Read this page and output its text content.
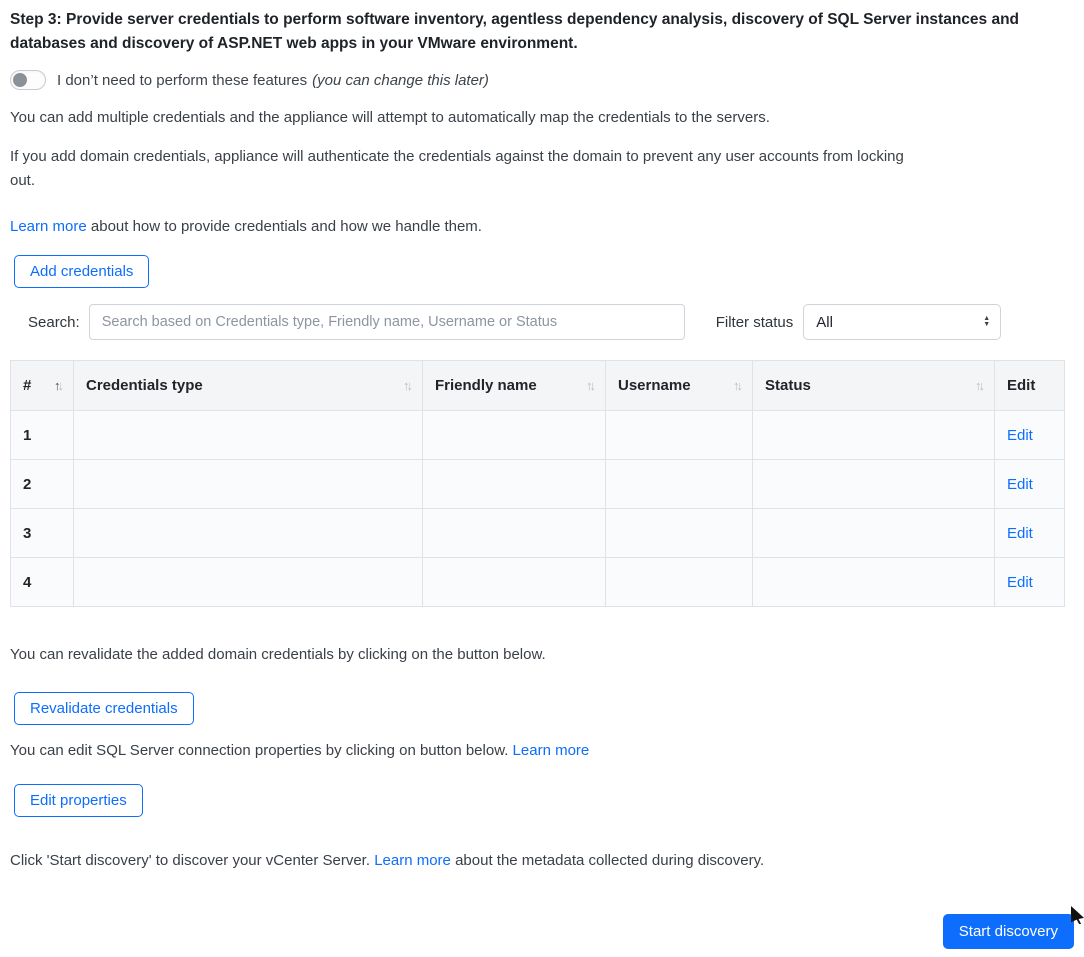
Step 3: Provide server credentials to perform software inventory, agentless dependency analysis, discovery of SQL Server instances and databases and discovery of ASP.NET web apps in your VMware environment.
I don’t need to perform these features (you can change this later)

You can add multiple credentials and the appliance will attempt to automatically map the credentials to the servers.

If you add domain credentials, appliance will authenticate the credentials against the domain to prevent any user accounts from locking out.

Learn more about how to provide credentials and how we handle them.

Add credentials
Search:
Search based on Credentials type, Friendly name, Username or Status	Filter status
All	▲
▼
# ↑↓	Credentials type ↑↓	Friendly name ↑↓	Username ↑↓	Status ↑↓	Edit

1					Edit
2					Edit
3					Edit
4					Edit

You can revalidate the added domain credentials by clicking on the button below.

Revalidate credentials

You can edit SQL Server connection properties by clicking on button below. Learn more

Edit properties

Click 'Start discovery' to discover your vCenter Server. Learn more about the metadata collected during discovery.

Start discovery
